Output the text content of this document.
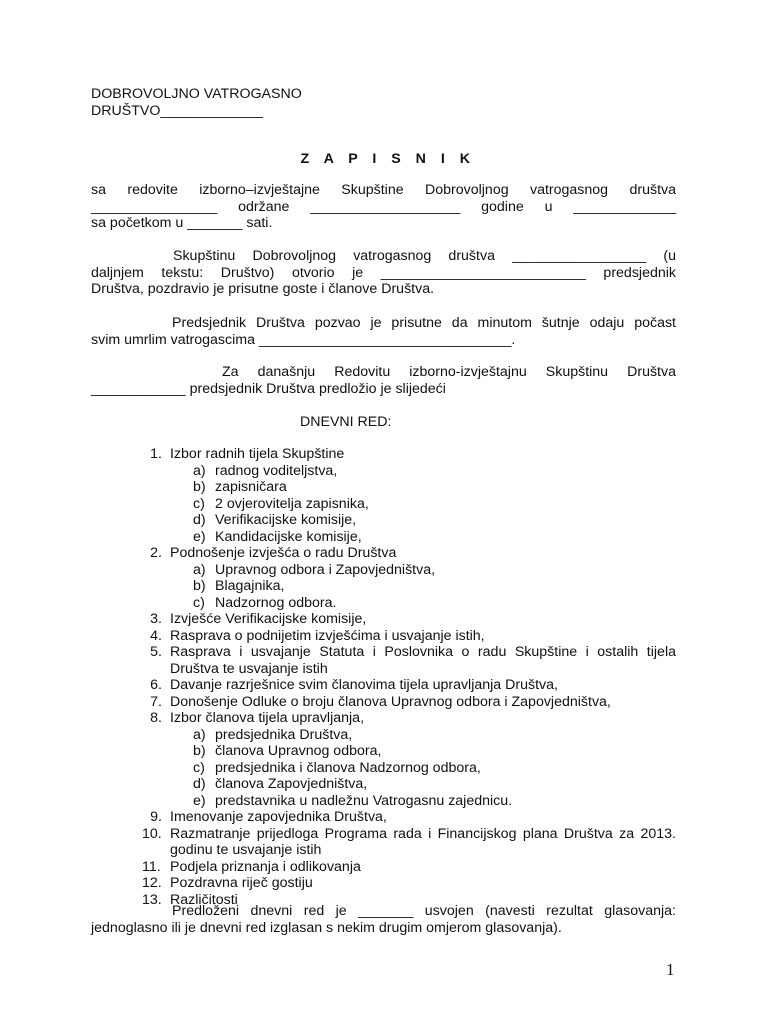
DOBROVOLJNO VATROGASNO
DRUŠTVO_____________
Z A P I S N I K
sa redovite izborno–izvještajne Skupštine Dobrovoljnog vatrogasnog društva
________________ održane ___________________ godine u _____________
sa početkom u _______ sati.
Skupštinu Dobrovoljnog vatrogasnog društva _________________ (u
daljnjem tekstu: Društvo) otvorio je __________________________ predsjednik
Društva, pozdravio je prisutne goste i članove Društva.
Predsjednik Društva pozvao je prisutne da minutom šutnje odaju počast
svim umrlim vatrogascima ________________________________.
Za današnju Redovitu izborno-izvještajnu Skupštinu Društva
____________ predsjednik Društva predložio je slijedeći
DNEVNI RED:
1. Izbor radnih tijela Skupštine
a) radnog voditeljstva,
b) zapisničara
c) 2 ovjerovitelja zapisnika,
d) Verifikacijske komisije,
e) Kandidacijske komisije,
2. Podnošenje izvješća o radu Društva
a) Upravnog odbora i Zapovjedništva,
b) Blagajnika,
c) Nadzornog odbora.
3. Izvješće Verifikacijske komisije,
4. Rasprava o podnijetim izvješćima i usvajanje istih,
5. Rasprava i usvajanje Statuta i Poslovnika o radu Skupštine i ostalih tijela Društva te usvajanje istih
6. Davanje razrješnice svim članovima tijela upravljanja Društva,
7. Donošenje Odluke o broju članova Upravnog odbora i Zapovjedništva,
8. Izbor članova tijela upravljanja,
a) predsjednika Društva,
b) članova Upravnog odbora,
c) predsjednika i članova Nadzornog odbora,
d) članova Zapovjedništva,
e) predstavnika u nadležnu Vatrogasnu zajednicu.
9. Imenovanje zapovjednika Društva,
10. Razmatranje prijedloga Programa rada i Financijskog plana Društva za 2013. godinu te usvajanje istih
11. Podjela priznanja i odlikovanja
12. Pozdravna riječ gostiju
13. Različitosti
Predloženi dnevni red je _______ usvojen (navesti rezultat glasovanja:
jednoglasno ili je dnevni red izglasan s nekim drugim omjerom glasovanja).
1
